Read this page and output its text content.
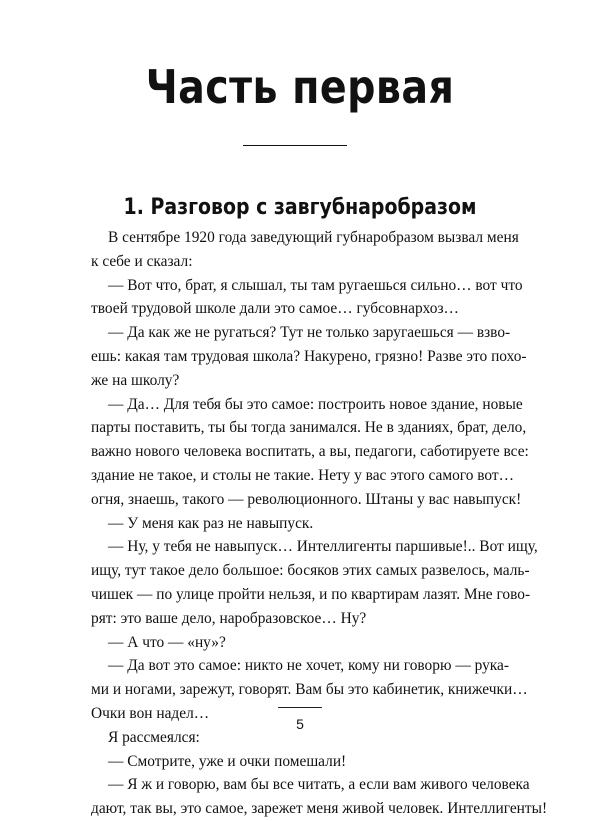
Часть первая
1. Разговор с завгубнаробразом
В сентябре 1920 года заведующий губнаробразом вызвал меня
к себе и сказал:
— Вот что, брат, я слышал, ты там ругаешься сильно… вот что
твоей трудовой школе дали это самое… губсовнархоз…
— Да как же не ругаться? Тут не только заругаешься — взво-
ешь: какая там трудовая школа? Накурено, грязно! Разве это похо-
же на школу?
— Да… Для тебя бы это самое: построить новое здание, новые
парты поставить, ты бы тогда занимался. Не в зданиях, брат, дело,
важно нового человека воспитать, а вы, педагоги, саботируете все:
здание не такое, и столы не такие. Нету у вас этого самого вот…
огня, знаешь, такого — революционного. Штаны у вас навыпуск!
— У меня как раз не навыпуск.
— Ну, у тебя не навыпуск… Интеллигенты паршивые!.. Вот ищу,
ищу, тут такое дело большое: босяков этих самых развелось, маль-
чишек — по улице пройти нельзя, и по квартирам лазят. Мне гово-
рят: это ваше дело, наробразовское… Ну?
— А что — «ну»?
— Да вот это самое: никто не хочет, кому ни говорю — рука-
ми и ногами, зарежут, говорят. Вам бы это кабинетик, книжечки…
Очки вон надел…
Я рассмеялся:
— Смотрите, уже и очки помешали!
— Я ж и говорю, вам бы все читать, а если вам живого человека
дают, так вы, это самое, зарежет меня живой человек. Интеллигенты!
5
